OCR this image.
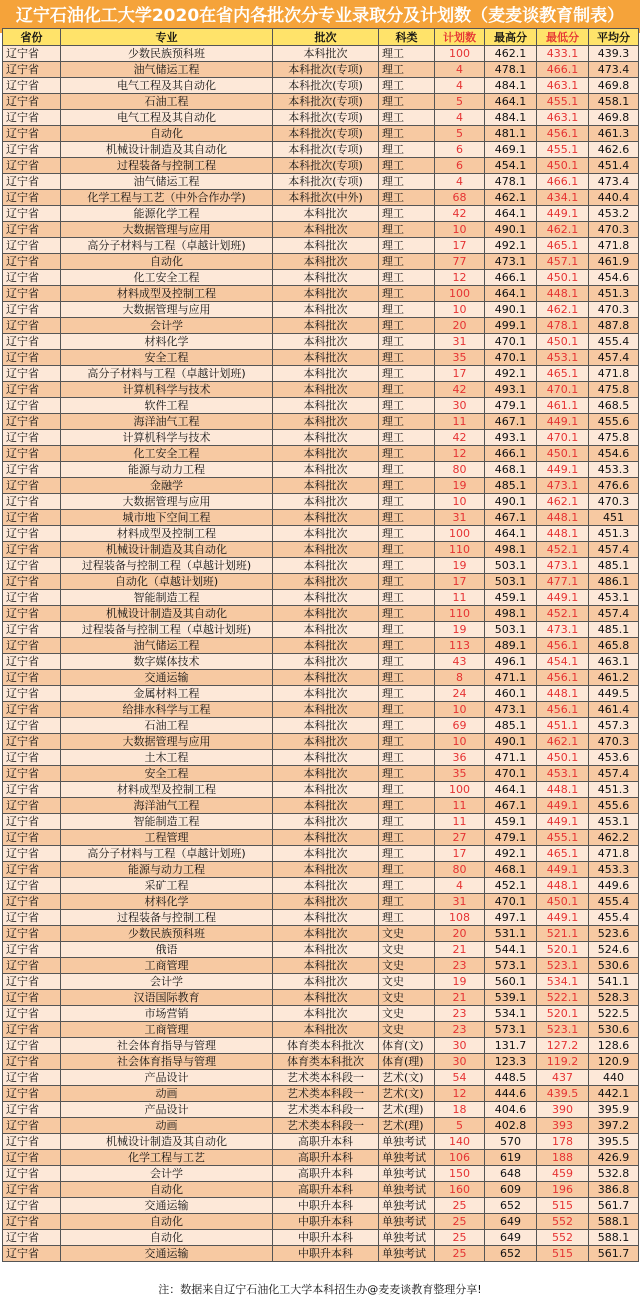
辽宁石油化工大学2020在省内各批次分专业录取分及计划数（麦麦谈教育制表）
省份	专业	批次	科类	计划数	最高分	最低分	平均分
辽宁省	少数民族预科班	本科批次	理工	100	462.1	433.1	439.3
辽宁省	油气储运工程	本科批次(专项)	理工	4	478.1	466.1	473.4
辽宁省	电气工程及其自动化	本科批次(专项)	理工	4	484.1	463.1	469.8
辽宁省	石油工程	本科批次(专项)	理工	5	464.1	455.1	458.1
辽宁省	电气工程及其自动化	本科批次(专项)	理工	4	484.1	463.1	469.8
辽宁省	自动化	本科批次(专项)	理工	5	481.1	456.1	461.3
辽宁省	机械设计制造及其自动化	本科批次(专项)	理工	6	469.1	455.1	462.6
辽宁省	过程装备与控制工程	本科批次(专项)	理工	6	454.1	450.1	451.4
辽宁省	油气储运工程	本科批次(专项)	理工	4	478.1	466.1	473.4
辽宁省	化学工程与工艺（中外合作办学)	本科批次(中外)	理工	68	462.1	434.1	440.4
辽宁省	能源化学工程	本科批次	理工	42	464.1	449.1	453.2
辽宁省	大数据管理与应用	本科批次	理工	10	490.1	462.1	470.3
辽宁省	高分子材料与工程（卓越计划班)	本科批次	理工	17	492.1	465.1	471.8
辽宁省	自动化	本科批次	理工	77	473.1	457.1	461.9
辽宁省	化工安全工程	本科批次	理工	12	466.1	450.1	454.6
辽宁省	材料成型及控制工程	本科批次	理工	100	464.1	448.1	451.3
辽宁省	大数据管理与应用	本科批次	理工	10	490.1	462.1	470.3
辽宁省	会计学	本科批次	理工	20	499.1	478.1	487.8
辽宁省	材料化学	本科批次	理工	31	470.1	450.1	455.4
辽宁省	安全工程	本科批次	理工	35	470.1	453.1	457.4
辽宁省	高分子材料与工程（卓越计划班)	本科批次	理工	17	492.1	465.1	471.8
辽宁省	计算机科学与技术	本科批次	理工	42	493.1	470.1	475.8
辽宁省	软件工程	本科批次	理工	30	479.1	461.1	468.5
辽宁省	海洋油气工程	本科批次	理工	11	467.1	449.1	455.6
辽宁省	计算机科学与技术	本科批次	理工	42	493.1	470.1	475.8
辽宁省	化工安全工程	本科批次	理工	12	466.1	450.1	454.6
辽宁省	能源与动力工程	本科批次	理工	80	468.1	449.1	453.3
辽宁省	金融学	本科批次	理工	19	485.1	473.1	476.6
辽宁省	大数据管理与应用	本科批次	理工	10	490.1	462.1	470.3
辽宁省	城市地下空间工程	本科批次	理工	31	467.1	448.1	451
辽宁省	材料成型及控制工程	本科批次	理工	100	464.1	448.1	451.3
辽宁省	机械设计制造及其自动化	本科批次	理工	110	498.1	452.1	457.4
辽宁省	过程装备与控制工程（卓越计划班)	本科批次	理工	19	503.1	473.1	485.1
辽宁省	自动化（卓越计划班)	本科批次	理工	17	503.1	477.1	486.1
辽宁省	智能制造工程	本科批次	理工	11	459.1	449.1	453.1
辽宁省	机械设计制造及其自动化	本科批次	理工	110	498.1	452.1	457.4
辽宁省	过程装备与控制工程（卓越计划班)	本科批次	理工	19	503.1	473.1	485.1
辽宁省	油气储运工程	本科批次	理工	113	489.1	456.1	465.8
辽宁省	数字媒体技术	本科批次	理工	43	496.1	454.1	463.1
辽宁省	交通运输	本科批次	理工	8	471.1	456.1	461.2
辽宁省	金属材料工程	本科批次	理工	24	460.1	448.1	449.5
辽宁省	给排水科学与工程	本科批次	理工	10	473.1	456.1	461.4
辽宁省	石油工程	本科批次	理工	69	485.1	451.1	457.3
辽宁省	大数据管理与应用	本科批次	理工	10	490.1	462.1	470.3
辽宁省	土木工程	本科批次	理工	36	471.1	450.1	453.6
辽宁省	安全工程	本科批次	理工	35	470.1	453.1	457.4
辽宁省	材料成型及控制工程	本科批次	理工	100	464.1	448.1	451.3
辽宁省	海洋油气工程	本科批次	理工	11	467.1	449.1	455.6
辽宁省	智能制造工程	本科批次	理工	11	459.1	449.1	453.1
辽宁省	工程管理	本科批次	理工	27	479.1	455.1	462.2
辽宁省	高分子材料与工程（卓越计划班)	本科批次	理工	17	492.1	465.1	471.8
辽宁省	能源与动力工程	本科批次	理工	80	468.1	449.1	453.3
辽宁省	采矿工程	本科批次	理工	4	452.1	448.1	449.6
辽宁省	材料化学	本科批次	理工	31	470.1	450.1	455.4
辽宁省	过程装备与控制工程	本科批次	理工	108	497.1	449.1	455.4
辽宁省	少数民族预科班	本科批次	文史	20	531.1	521.1	523.6
辽宁省	俄语	本科批次	文史	21	544.1	520.1	524.6
辽宁省	工商管理	本科批次	文史	23	573.1	523.1	530.6
辽宁省	会计学	本科批次	文史	19	560.1	534.1	541.1
辽宁省	汉语国际教育	本科批次	文史	21	539.1	522.1	528.3
辽宁省	市场营销	本科批次	文史	23	534.1	520.1	522.5
辽宁省	工商管理	本科批次	文史	23	573.1	523.1	530.6
辽宁省	社会体育指导与管理	体育类本科批次	体育(文)	30	131.7	127.2	128.6
辽宁省	社会体育指导与管理	体育类本科批次	体育(理)	30	123.3	119.2	120.9
辽宁省	产品设计	艺术类本科段一	艺术(文)	54	448.5	437	440
辽宁省	动画	艺术类本科段一	艺术(文)	12	444.6	439.5	442.1
辽宁省	产品设计	艺术类本科段一	艺术(理)	18	404.6	390	395.9
辽宁省	动画	艺术类本科段一	艺术(理)	5	402.8	393	397.2
辽宁省	机械设计制造及其自动化	高职升本科	单独考试	140	570	178	395.5
辽宁省	化学工程与工艺	高职升本科	单独考试	106	619	188	426.9
辽宁省	会计学	高职升本科	单独考试	150	648	459	532.8
辽宁省	自动化	高职升本科	单独考试	160	609	196	386.8
辽宁省	交通运输	中职升本科	单独考试	25	652	515	561.7
辽宁省	自动化	中职升本科	单独考试	25	649	552	588.1
辽宁省	自动化	中职升本科	单独考试	25	649	552	588.1
辽宁省	交通运输	中职升本科	单独考试	25	652	515	561.7
注：数据来自辽宁石油化工大学本科招生办@麦麦谈教育整理分享!
